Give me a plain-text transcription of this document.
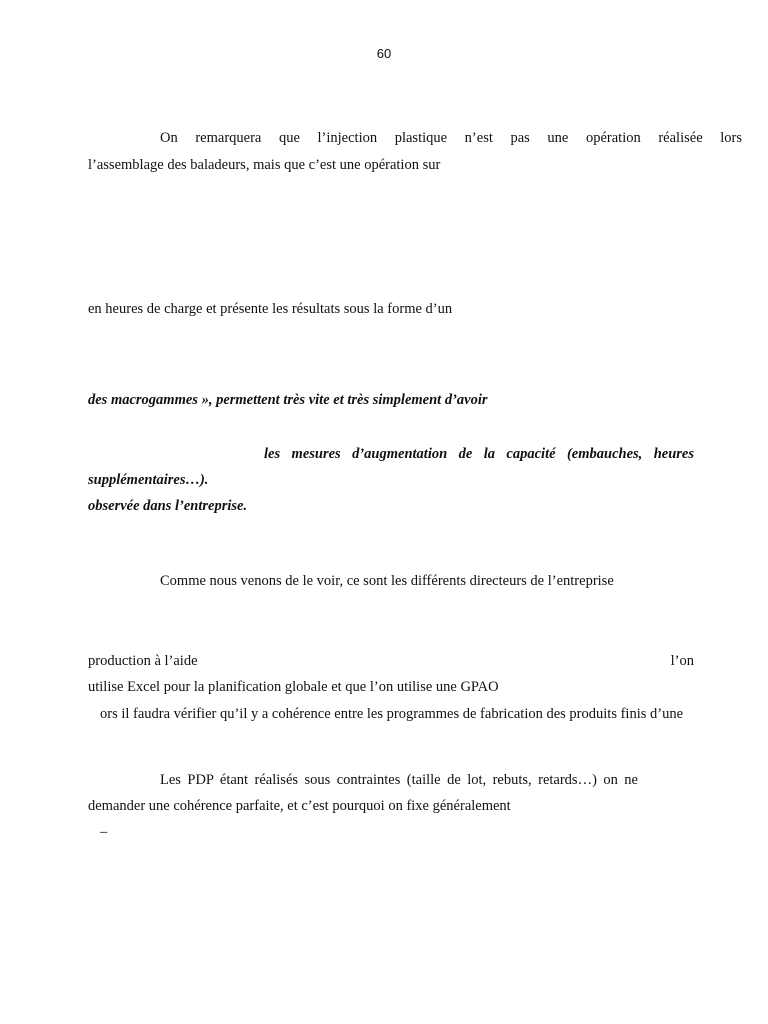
60
On remarquera que l’injection plastique n’est pas une opération réalisée lors
l’assemblage des baladeurs, mais que c’est une opération sur
en heures de charge et présente les résultats sous la forme d’un
des macrogammes », permettent très vite et très simplement d’avoir
les mesures d’augmentation de la capacité (embauches, heures
supplémentaires…).
observée dans l’entreprise.
Comme nous venons de le voir, ce sont les différents directeurs de l’entreprise
production à l’aide	l’on
utilise Excel pour la planification globale et que l’on utilise une GPAO
ors il faudra vérifier qu’il y a cohérence entre les programmes de fabrication des produits finis d’une
Les PDP étant réalisés sous contraintes (taille de lot, rebuts, retards…) on ne
demander une cohérence parfaite, et c’est pourquoi on fixe généralement
–
